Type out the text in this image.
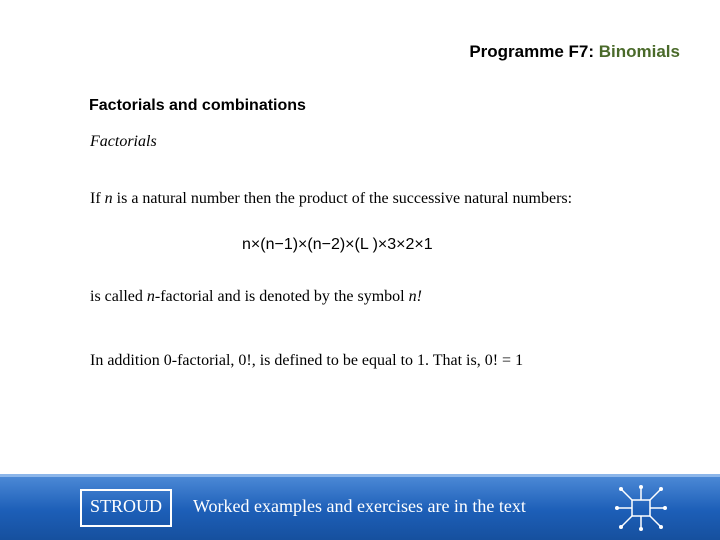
Programme F7: Binomials
Factorials and combinations
Factorials
If n is a natural number then the product of the successive natural numbers:
n×(n−1)×(n−2)×(L )×3×2×1
is called n-factorial and is denoted by the symbol n!
In addition 0-factorial, 0!, is defined to be equal to 1. That is, 0! = 1
STROUD	Worked examples and exercises are in the text
